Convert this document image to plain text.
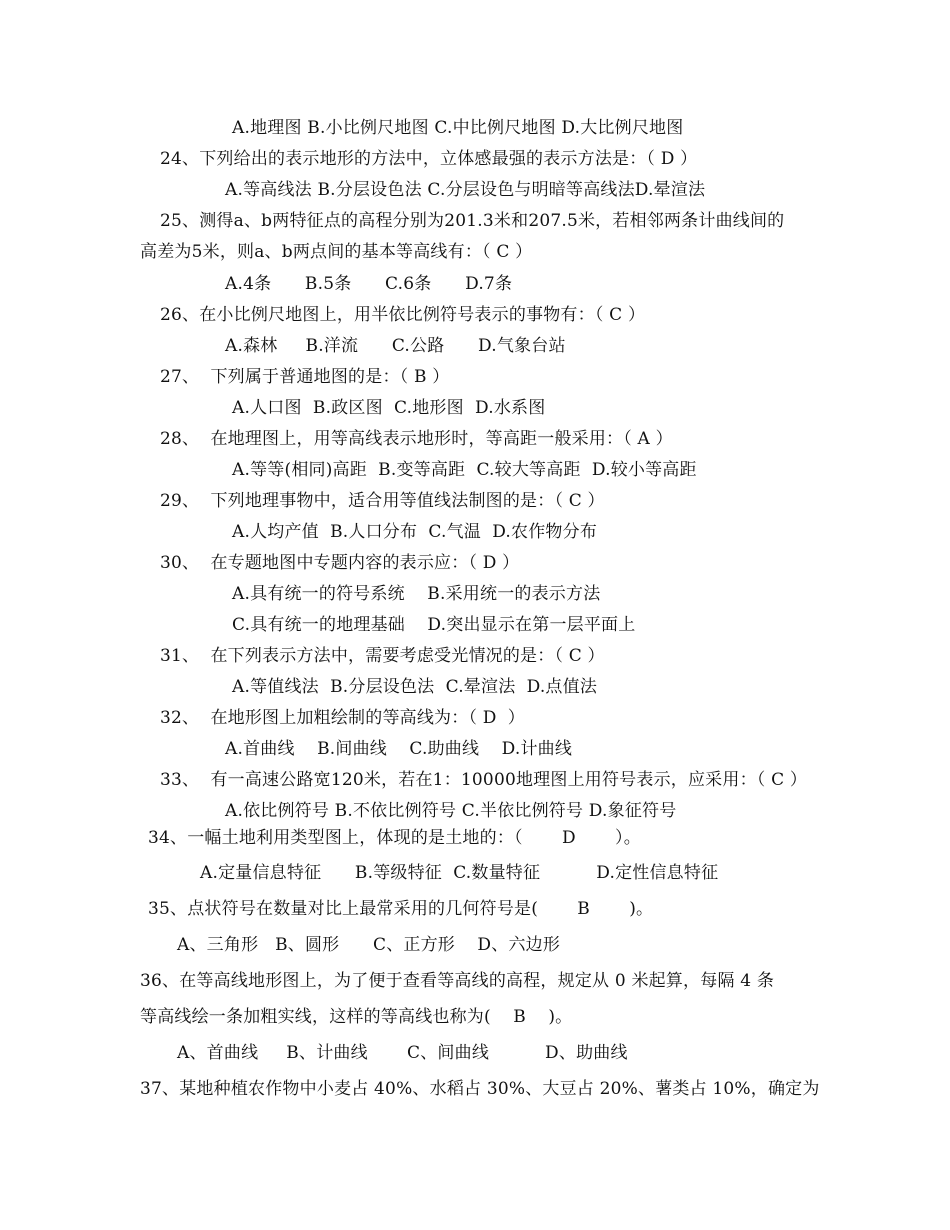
A.地理图 B.小比例尺地图 C.中比例尺地图 D.大比例尺地图
24、下列给出的表示地形的方法中，立体感最强的表示方法是：（ D ）
A.等高线法 B.分层设色法 C.分层设色与明暗等高线法D.晕渲法
25、测得a、b两特征点的高程分别为201.3米和207.5米，若相邻两条计曲线间的
高差为5米，则a、b两点间的基本等高线有：（ C ）
A.4条      B.5条      C.6条      D.7条
26、在小比例尺地图上，用半依比例符号表示的事物有：（ C ）
A.森林     B.洋流      C.公路      D.气象台站
27、  下列属于普通地图的是：（ B ）
A.人口图  B.政区图  C.地形图  D.水系图
28、  在地理图上，用等高线表示地形时，等高距一般采用：（ A ）
A.等等(相同)高距  B.变等高距  C.较大等高距  D.较小等高距
29、  下列地理事物中，适合用等值线法制图的是：（ C ）
A.人均产值  B.人口分布  C.气温  D.农作物分布
30、  在专题地图中专题内容的表示应：（ D ）
A.具有统一的符号系统    B.采用统一的表示方法
C.具有统一的地理基础    D.突出显示在第一层平面上
31、  在下列表示方法中，需要考虑受光情况的是：（ C ）
A.等值线法  B.分层设色法  C.晕渲法  D.点值法
32、  在地形图上加粗绘制的等高线为：（ D  ）
A.首曲线    B.间曲线    C.助曲线    D.计曲线
33、  有一高速公路宽120米，若在1：10000地理图上用符号表示，应采用：（ C ）
A.依比例符号 B.不依比例符号 C.半依比例符号 D.象征符号
34、一幅土地利用类型图上，体现的是土地的：（       D       ）。
A.定量信息特征      B.等级特征  C.数量特征          D.定性信息特征
35、点状符号在数量对比上最常采用的几何符号是(       B       )。
A、三角形   B、圆形      C、正方形    D、六边形
36、在等高线地形图上，为了便于查看等高线的高程，规定从 0 米起算，每隔 4 条
等高线绘一条加粗实线，这样的等高线也称为(    B    )。
A、首曲线     B、计曲线       C、间曲线          D、助曲线
37、某地种植农作物中小麦占 40%、水稻占 30%、大豆占 20%、薯类占 10%，确定为
